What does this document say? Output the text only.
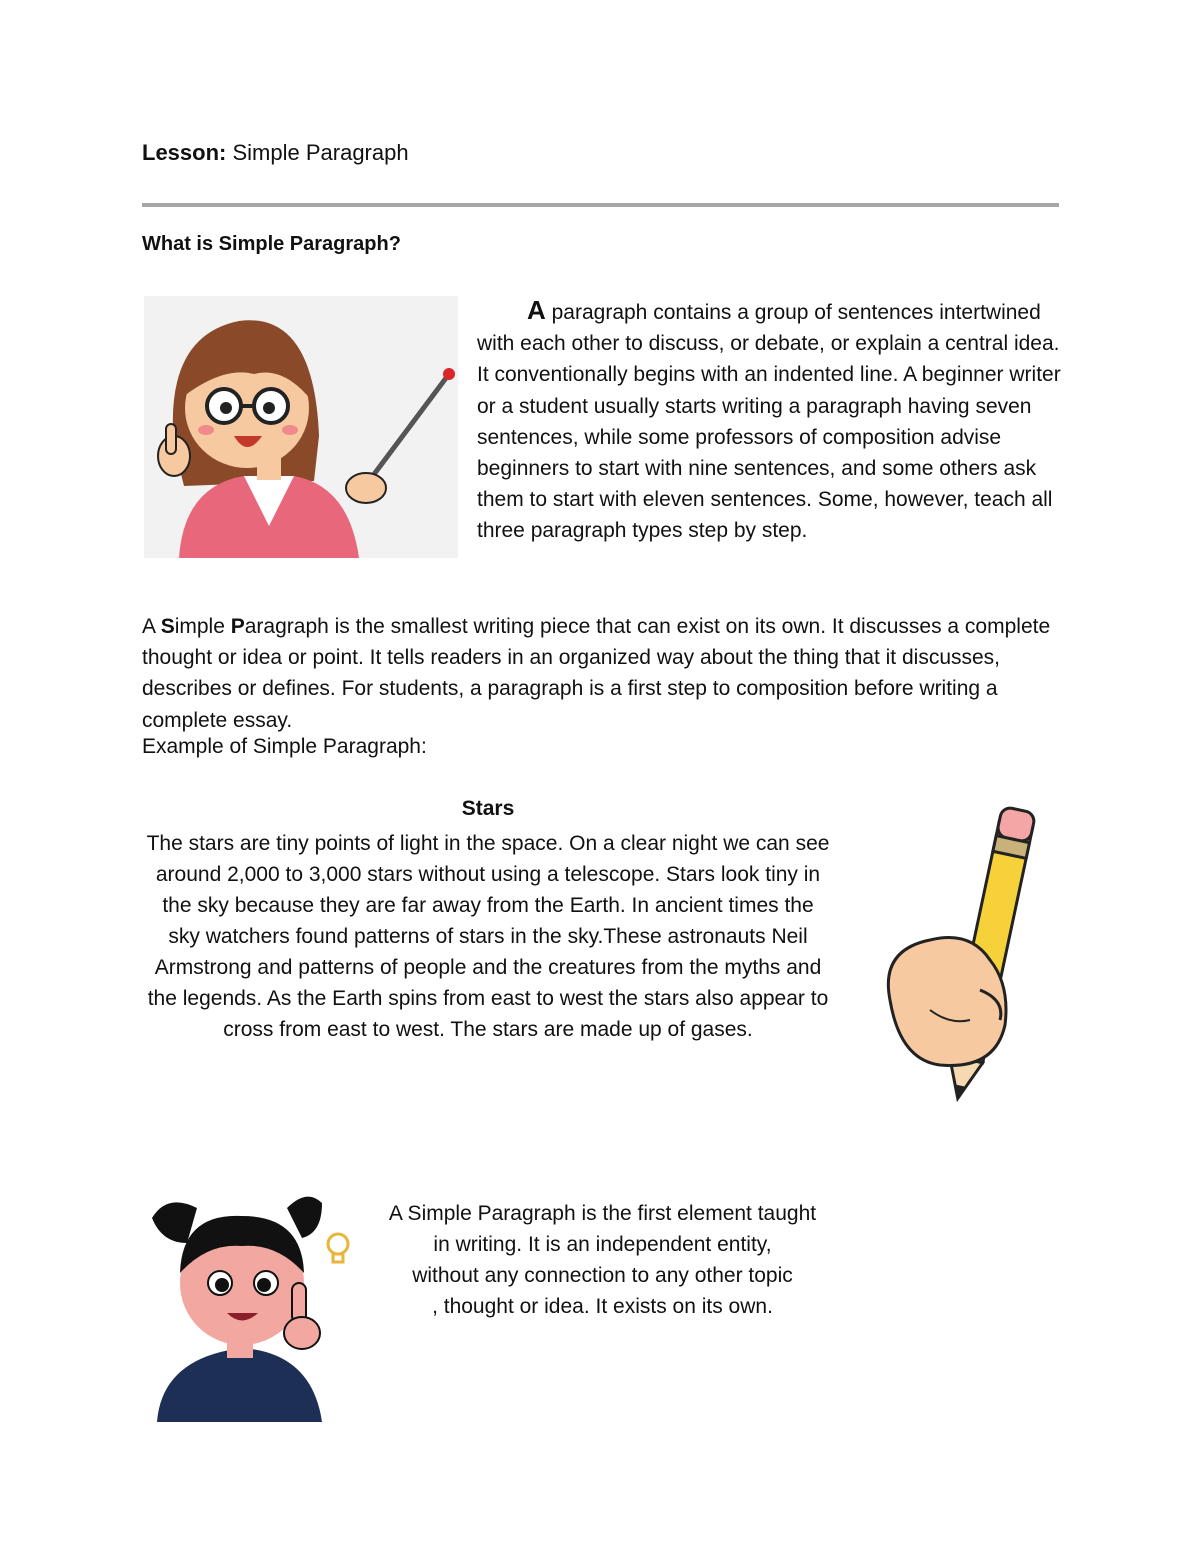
Lesson: Simple Paragraph
What is Simple Paragraph?
A paragraph contains a group of sentences intertwined with each other to discuss, or debate, or explain a central idea. It conventionally begins with an indented line. A beginner writer or a student usually starts writing a paragraph having seven sentences, while some professors of composition advise beginners to start with nine sentences, and some others ask them to start with eleven sentences. Some, however, teach all three paragraph types step by step.
A Simple Paragraph is the smallest writing piece that can exist on its own. It discusses a complete thought or idea or point. It tells readers in an organized way about the thing that it discusses, describes or defines. For students, a paragraph is a first step to composition before writing a complete essay.
Example of Simple Paragraph:
Stars
The stars are tiny points of light in the space. On a clear night we can see around 2,000 to 3,000 stars without using a telescope. Stars look tiny in the sky because they are far away from the Earth. In ancient times the sky watchers found patterns of stars in the sky.These astronauts Neil Armstrong and patterns of people and the creatures from the myths and the legends. As the Earth spins from east to west the stars also appear to cross from east to west. The stars are made up of gases.
A Simple Paragraph is the first element taught
in writing. It is an independent entity,
without any connection to any other topic
, thought or idea. It exists on its own.
